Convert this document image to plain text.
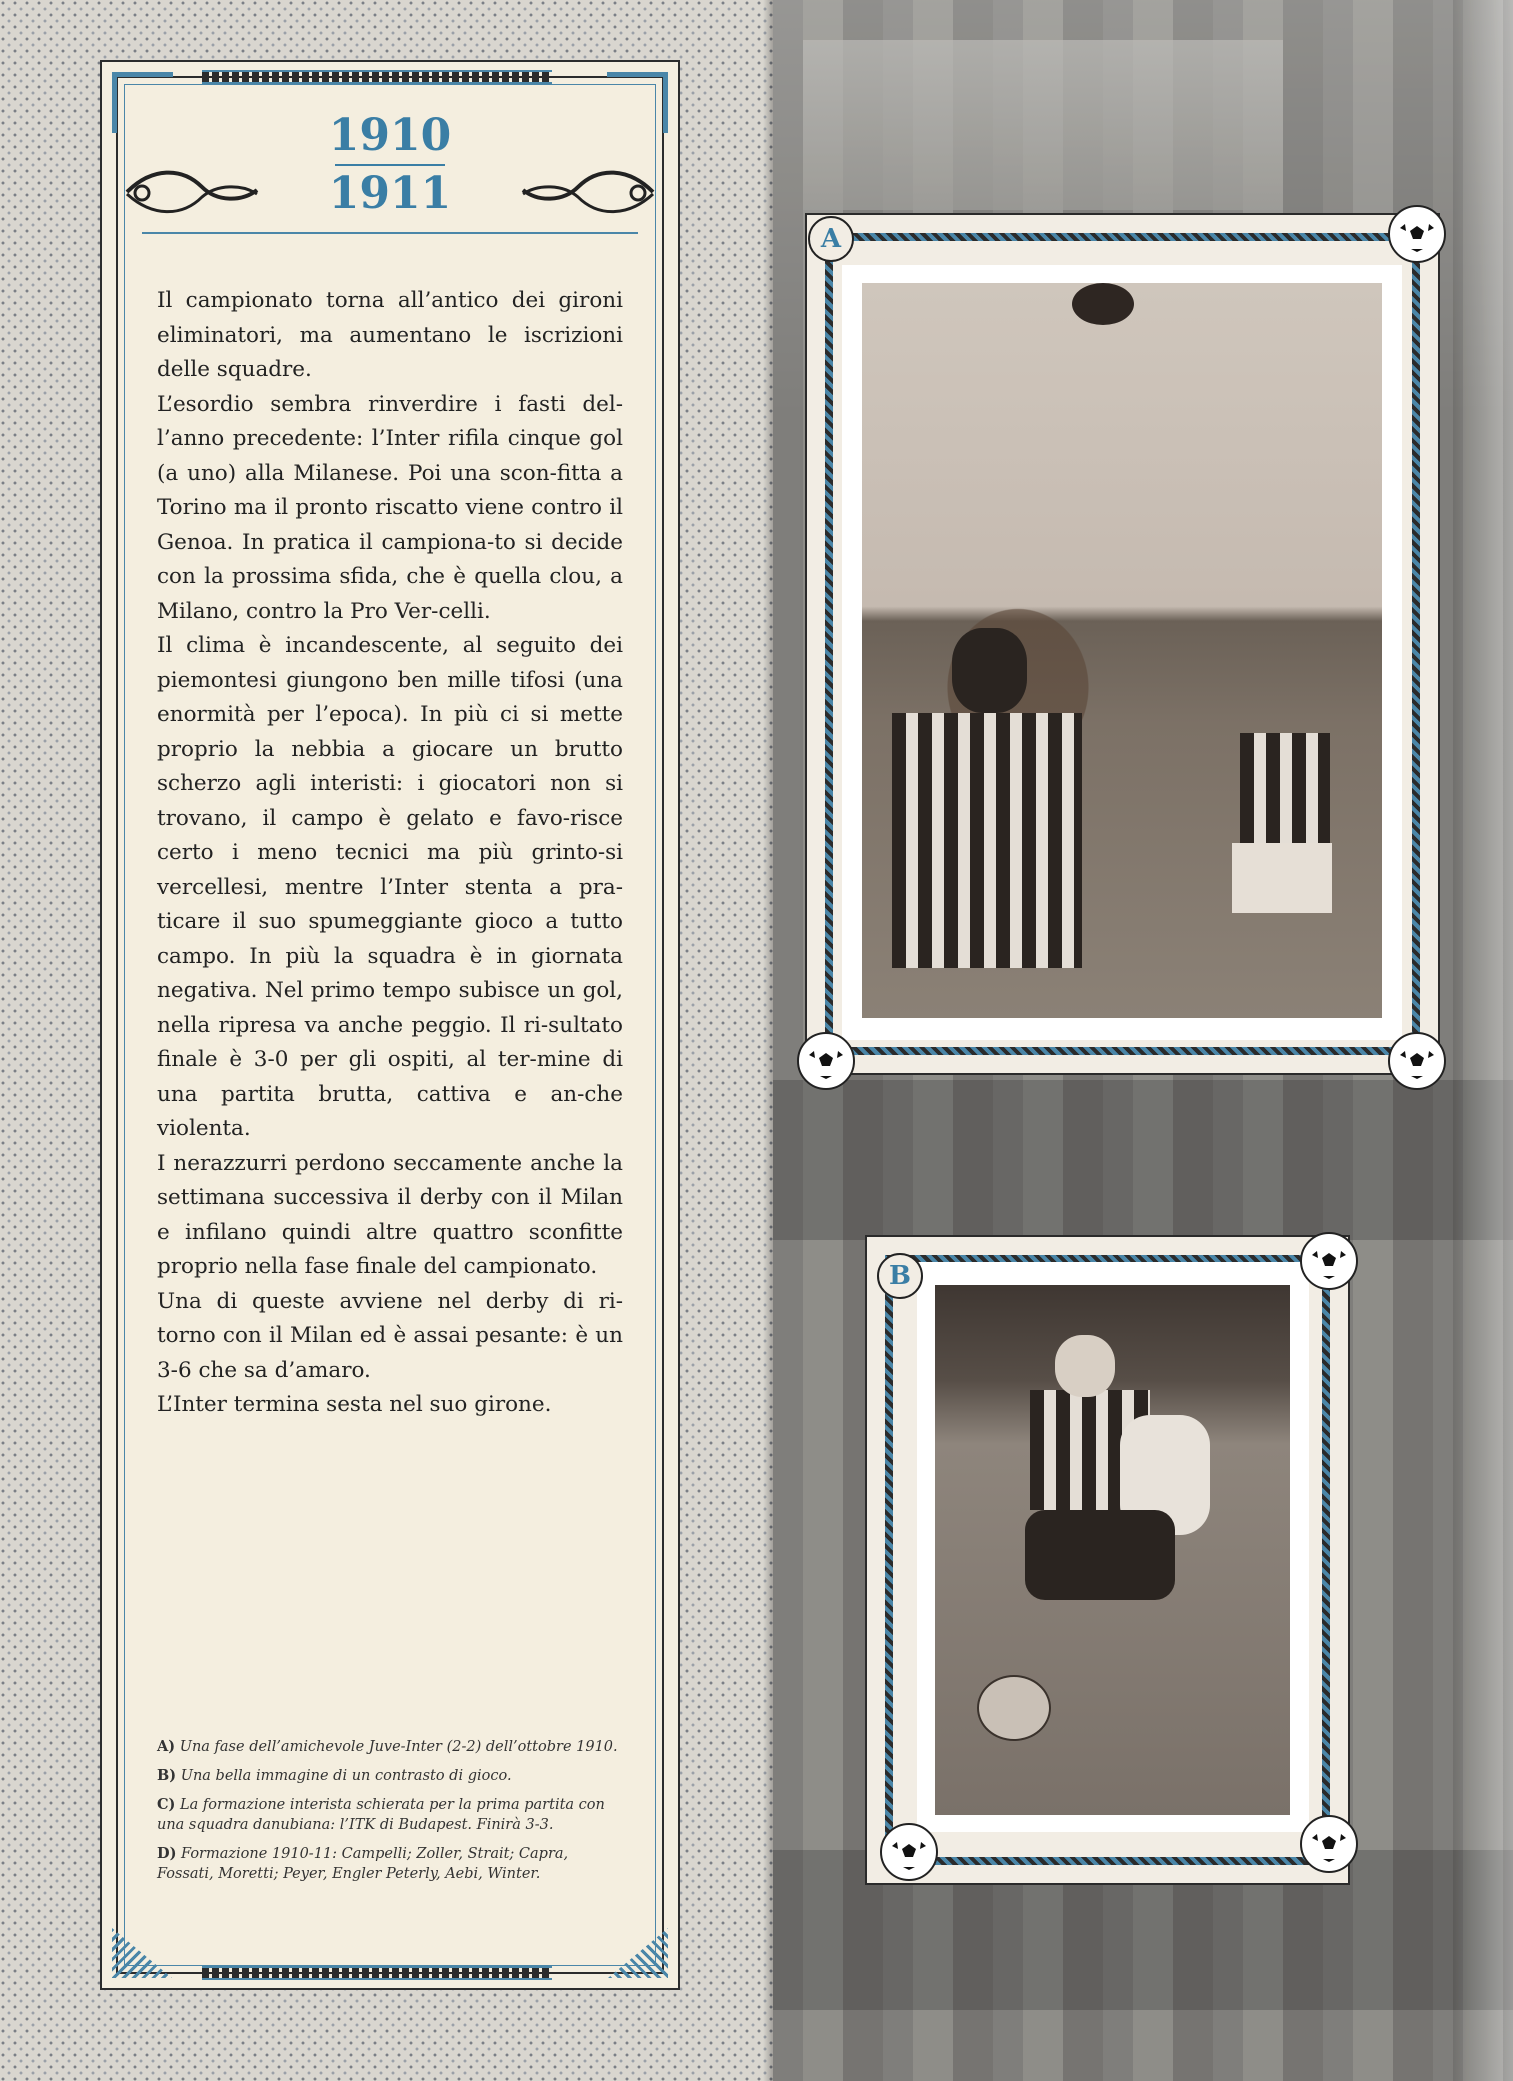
1910
1911
Il campionato torna all’antico dei gironi eliminatori, ma aumentano le iscrizioni delle squadre.
L’esordio sembra rinverdire i fasti del-l’anno precedente: l’Inter rifila cinque gol (a uno) alla Milanese. Poi una scon-fitta a Torino ma il pronto riscatto viene contro il Genoa. In pratica il campiona-to si decide con la prossima sfida, che è quella clou, a Milano, contro la Pro Ver-celli.
Il clima è incandescente, al seguito dei piemontesi giungono ben mille tifosi (una enormità per l’epoca). In più ci si mette proprio la nebbia a giocare un brutto scherzo agli interisti: i giocatori non si trovano, il campo è gelato e favo-risce certo i meno tecnici ma più grinto-si vercellesi, mentre l’Inter stenta a pra-ticare il suo spumeggiante gioco a tutto campo. In più la squadra è in giornata negativa. Nel primo tempo subisce un gol, nella ripresa va anche peggio. Il ri-sultato finale è 3-0 per gli ospiti, al ter-mine di una partita brutta, cattiva e an-che violenta.
I nerazzurri perdono seccamente anche la settimana successiva il derby con il Milan e infilano quindi altre quattro sconfitte proprio nella fase finale del campionato.
Una di queste avviene nel derby di ri-torno con il Milan ed è assai pesante: è un 3-6 che sa d’amaro.
L’Inter termina sesta nel suo girone.

A) Una fase dell’amichevole Juve-Inter (2-2) dell’ottobre 1910.

B) Una bella immagine di un contrasto di gioco.

C) La formazione interista schierata per la prima partita con una squadra danubiana: l’ITK di Budapest. Finirà 3-3.

D) Formazione 1910-11: Campelli; Zoller, Strait; Capra, Fossati, Moretti; Peyer, Engler Peterly, Aebi, Winter.

A
B
